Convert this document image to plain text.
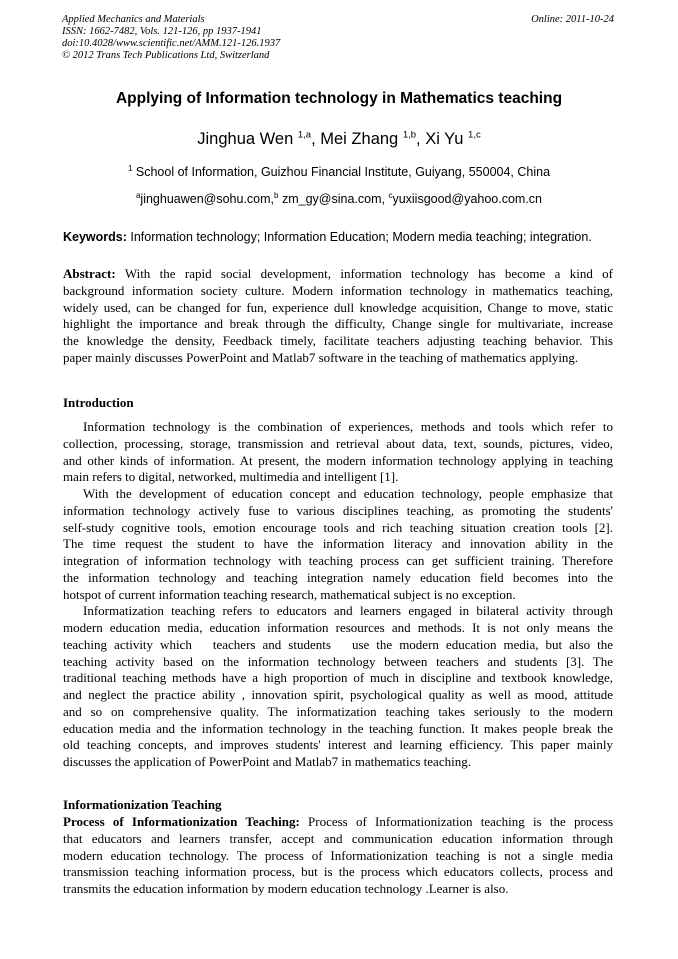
Applied Mechanics and Materials
ISSN: 1662-7482, Vols. 121-126, pp 1937-1941
doi:10.4028/www.scientific.net/AMM.121-126.1937
© 2012 Trans Tech Publications Ltd, Switzerland
Online: 2011-10-24
Applying of Information technology in Mathematics teaching
Jinghua Wen $^{1,a}$, Mei Zhang $^{1,b}$, Xi Yu $^{1,c}$
$^1$ School of Information, Guizhou Financial Institute, Guiyang, 550004, China
$^a$jinghuawen@sohu.com,$^b$ zm_gy@sina.com, $^c$yuxiisgood@yahoo.com.cn
Keywords: Information technology; Information Education; Modern media teaching; integration.
Abstract: With the rapid social development, information technology has become a kind of
background information society culture. Modern information technology in mathematics teaching,
widely used, can be changed for fun, experience dull knowledge acquisition, Change to move, static
highlight the importance and break through the difficulty, Change single for multivariate, increase
the knowledge the density, Feedback timely, facilitate teachers adjusting teaching behavior. This
paper mainly discusses PowerPoint and Matlab7 software in the teaching of mathematics applying.
Introduction
Information technology is the combination of experiences, methods and tools which refer to
collection, processing, storage, transmission and retrieval about data, text, sounds, pictures, video,
and other kinds of information. At present, the modern information technology applying in teaching
main refers to digital, networked, multimedia and intelligent [1].
With the development of education concept and education technology, people emphasize that
information technology actively fuse to various disciplines teaching, as promoting the students'
self-study cognitive tools, emotion encourage tools and rich teaching situation creation tools [2].
The time request the student to have the information literacy and innovation ability in the
integration of information technology with teaching process can get sufficient training. Therefore
the information technology and teaching integration namely education field becomes into the
hotspot of current information teaching research, mathematical subject is no exception.
Informatization teaching refers to educators and learners engaged in bilateral activity through
modern education media, education information resources and methods. It is not only means the
teaching activity which   teachers and students   use the modern education media, but also the
teaching activity based on the information technology between teachers and students [3]. The
traditional teaching methods have a high proportion of much in discipline and textbook knowledge,
and neglect the practice ability , innovation spirit, psychological quality as well as mood, attitude
and so on comprehensive quality. The informatization teaching takes seriously to the modern
education media and the information technology in the teaching function. It makes people break the
old teaching concepts, and improves students' interest and learning efficiency. This paper mainly
discusses the application of PowerPoint and Matlab7 in mathematics teaching.
Informationization Teaching
Process of Informationization Teaching: Process of Informationization teaching is the process
that educators and learners transfer, accept and communication education information through
modern education technology. The process of Informationization teaching is not a single media
transmission teaching information process, but is the process which educators collects, process and
transmits the education information by modern education technology .Learner is also.
